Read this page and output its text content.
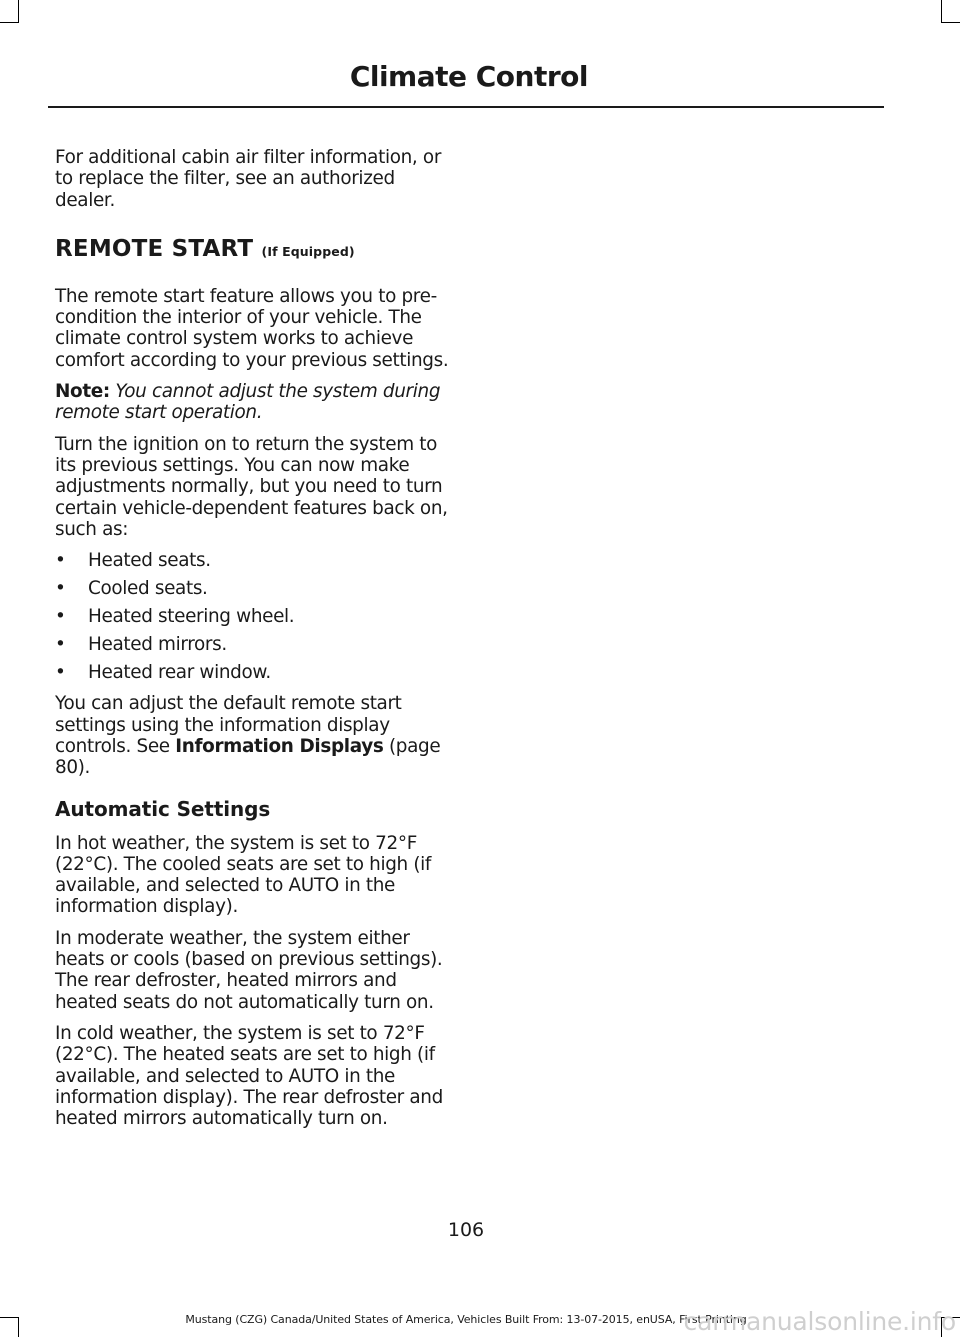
Climate Control

For additional cabin air filter information, or to replace the filter, see an authorized dealer.

REMOTE START (If Equipped)

The remote start feature allows you to pre-condition the interior of your vehicle. The climate control system works to achieve comfort according to your previous settings.

Note: You cannot adjust the system during remote start operation.

Turn the ignition on to return the system to its previous settings. You can now make adjustments normally, but you need to turn certain vehicle-dependent features back on, such as:

• Heated seats.
• Cooled seats.
• Heated steering wheel.
• Heated mirrors.
• Heated rear window.

You can adjust the default remote start settings using the information display controls. See Information Displays (page 80).

Automatic Settings

In hot weather, the system is set to 72°F (22°C). The cooled seats are set to high (if available, and selected to AUTO in the information display).

In moderate weather, the system either heats or cools (based on previous settings). The rear defroster, heated mirrors and heated seats do not automatically turn on.

In cold weather, the system is set to 72°F (22°C). The heated seats are set to high (if available, and selected to AUTO in the information display). The rear defroster and heated mirrors automatically turn on.

106
Mustang (CZG) Canada/United States of America, Vehicles Built From: 13-07-2015, enUSA, First Printing
carmanualsonline.info
